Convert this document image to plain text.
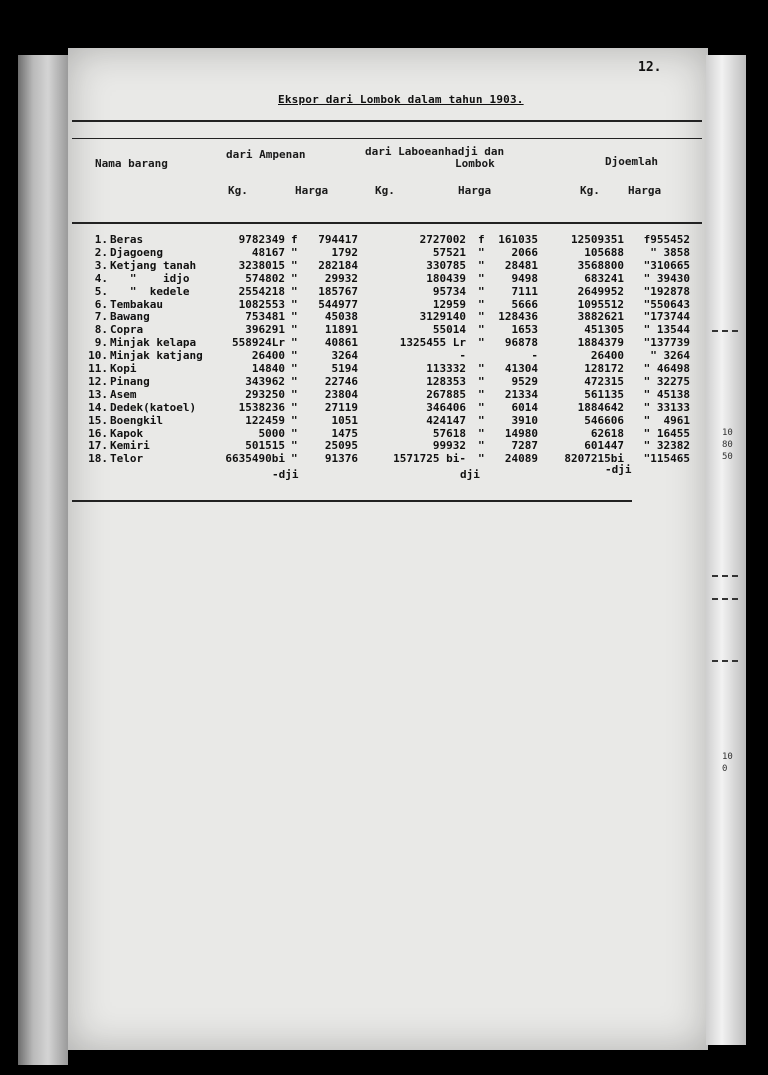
10
80
50
10
0
12.
Ekspor dari Lombok dalam tahun 1903.
Nama barang
dari Ampenan	dari Laboeanhadji dan
Lombok	Djoemlah
Kg.	Harga	Kg.	Harga	Kg.	Harga
1. Beras	9782349 f	794417	2727002 f	161035	12509351	f955452
2. Djagoeng	48167 "	1792	57521 "	2066	105688	" 3858
3. Ketjang tanah	3238015 "	282184	330785 "	28481	3568800	"310665
4. "    idjo	574802 "	29932	180439 "	9498	683241	" 39430
5. "  kedele	2554218 "	185767	95734 "	7111	2649952	"192878
6. Tembakau	1082553 "	544977	12959 "	5666	1095512	"550643
7. Bawang	753481 "	45038	3129140 "	128436	3882621	"173744
8. Copra	396291 "	11891	55014 "	1653	451305	" 13544
9. Minjak kelapa	558924Lr "	40861	1325455 Lr "	96878	1884379	"137739
10. Minjak katjang	26400 "	3264	-	-	26400	" 3264
11. Kopi	14840 "	5194	113332 "	41304	128172	" 46498
12. Pinang	343962 "	22746	128353 "	9529	472315	" 32275
13. Asem	293250 "	23804	267885 "	21334	561135	" 45138
14. Dedek(katoel)	1538236 "	27119	346406 "	6014	1884642	" 33133
15. Boengkil	122459 "	1051	424147 "	3910	546606	"  4961
16. Kapok	5000 "	1475	57618 "	14980	62618	" 16455
17. Kemiri	501515 "	25095	99932 "	7287	601447	" 32382
18. Telor	6635490bi "	91376	1571725 bi- "	24089	8207215bi	"115465
-dji	dji	-dji
